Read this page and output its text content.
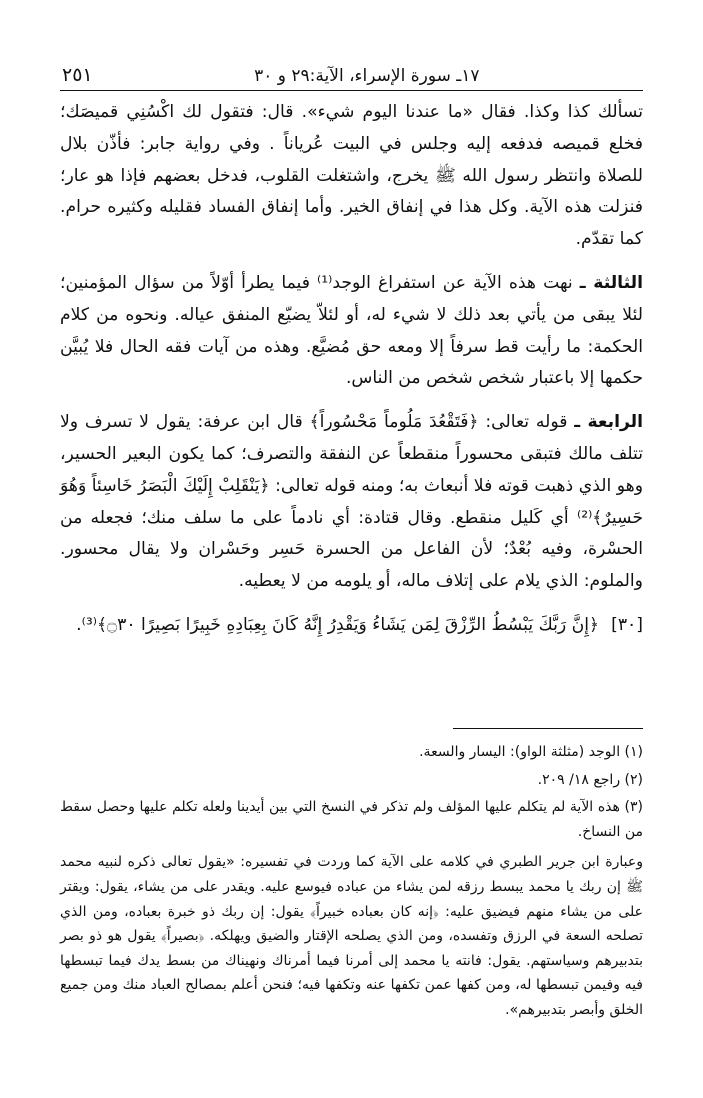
١٧ـ سورة الإسراء، الآية:٢٩ و ٣٠
٢٥١

تسألك كذا وكذا. فقال «ما عندنا اليوم شيء». قال: فتقول لك اكْسُنِي قميصَك؛ فخلع قميصه فدفعه إليه وجلس في البيت عُرياناً . وفي رواية جابر: فأذّن بلال للصلاة وانتظر رسول الله ﷺ يخرج، واشتغلت القلوب، فدخل بعضهم فإذا هو عار؛ فنزلت هذه الآية. وكل هذا في إنفاق الخير. وأما إنفاق الفساد فقليله وكثيره حرام. كما تقدّم.

الثالثة ـ نهت هذه الآية عن استفراغ الوجد⁽¹⁾ فيما يطرأ أوّلاً من سؤال المؤمنين؛ لئلا يبقى من يأتي بعد ذلك لا شيء له، أو لئلاّ يضيّع المنفق عياله. ونحوه من كلام الحكمة: ما رأيت قط سرفاً إلا ومعه حق مُضيَّع. وهذه من آيات فقه الحال فلا يُبيَّن حكمها إلا باعتبار شخص شخص من الناس.

الرابعة ـ قوله تعالى: ﴿فَتَقْعُدَ مَلُوماً مَحْسُوراً﴾ قال ابن عرفة: يقول لا تسرف ولا تتلف مالك فتبقى محسوراً منقطعاً عن النفقة والتصرف؛ كما يكون البعير الحسير، وهو الذي ذهبت قوته فلا أنبعاث به؛ ومنه قوله تعالى: ﴿يَنْقَلِبْ إِلَيْكَ الْبَصَرُ خَاسِئاً وَهُوَ حَسِيرٌ﴾⁽²⁾ أي كَليل منقطع. وقال قتادة: أي نادماً على ما سلف منك؛ فجعله من الحسْرة، وفيه بُعْدٌ؛ لأن الفاعل من الحسرة حَسِر وحَسْران ولا يقال محسور. والملوم: الذي يلام على إتلاف ماله، أو يلومه من لا يعطيه.

[٣٠]﴿إِنَّ رَبَّكَ يَبْسُطُ الرِّزْقَ لِمَن يَشَاءُ وَيَقْدِرُ إِنَّهُ كَانَ بِعِبَادِهِ خَبِيرًا بَصِيرًا ۝٣٠﴾⁽³⁾.

(١) الوجد (مثلثة الواو): اليسار والسعة.

(٢) راجع ١٨/ ٢٠٩.

(٣) هذه الآية لم يتكلم عليها المؤلف ولم تذكر في النسخ التي بين أيدينا ولعله تكلم عليها وحصل سقط من النساخ.

وعبارة ابن جرير الطبري في كلامه على الآية كما وردت في تفسيره: «يقول تعالى ذكره لنبيه محمد ﷺ إن ربك يا محمد يبسط رزقه لمن يشاء من عباده فيوسع عليه. ويقدر على من يشاء، يقول: ويقتر على من يشاء منهم فيضيق عليه: ﴿إنه كان بعباده خبيراً﴾ يقول: إن ربك ذو خبرة بعباده، ومن الذي تصلحه السعة في الرزق وتفسده، ومن الذي يصلحه الإقتار والضيق ويهلكه. ﴿بصيراً﴾ يقول هو ذو بصر بتدبيرهم وسياستهم. يقول: فانته يا محمد إلى أمرنا فيما أمرناك ونهيناك من بسط يدك فيما تبسطها فيه وفيمن تبسطها له، ومن كفها عمن تكفها عنه وتكفها فيه؛ فنحن أعلم بمصالح العباد منك ومن جميع الخلق وأبصر بتدبيرهم».
